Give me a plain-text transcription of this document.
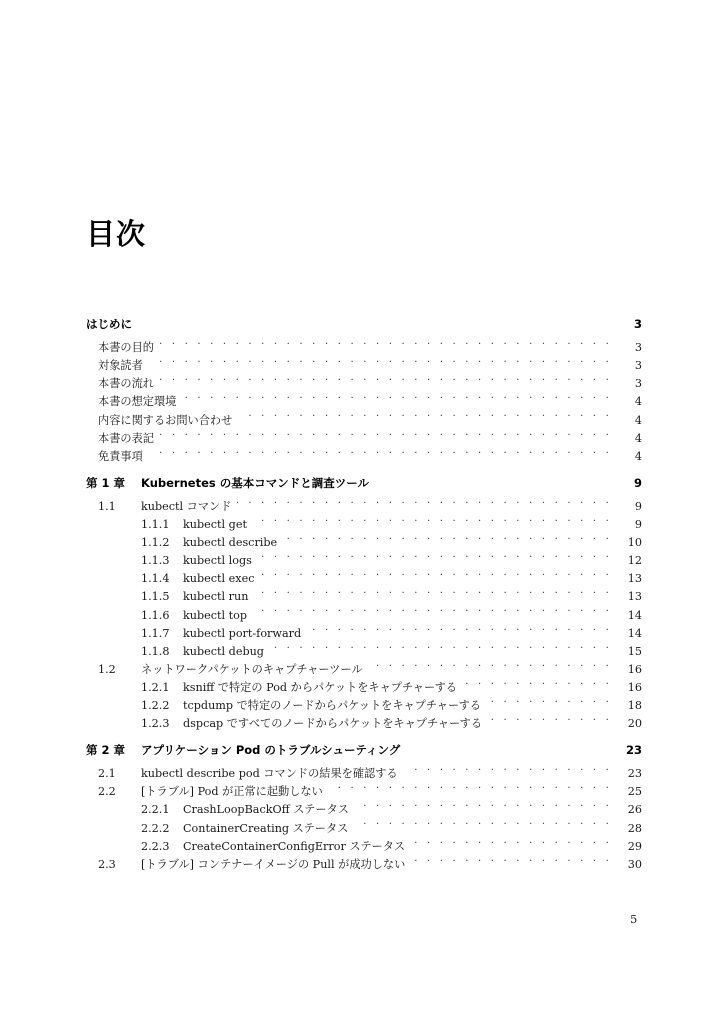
目次
はじめに	3
本書の目的 . . .	3
対象読者 . . .	3
本書の流れ . . .	3
本書の想定環境 . . .	4
内容に関するお問い合わせ . . .	4
本書の表記 . . .	4
免責事項 . . .	4
第 1 章	Kubernetes の基本コマンドと調査ツール	9
1.1	kubectl コマンド . . .	9
1.1.1	kubectl get . . .	9
1.1.2	kubectl describe . . .	10
1.1.3	kubectl logs . . .	12
1.1.4	kubectl exec . . .	13
1.1.5	kubectl run . . .	13
1.1.6	kubectl top . . .	14
1.1.7	kubectl port-forward . . .	14
1.1.8	kubectl debug . . .	15
1.2	ネットワークパケットのキャプチャーツール . . .	16
1.2.1	ksniff で特定の Pod からパケットをキャプチャーする . . .	16
1.2.2	tcpdump で特定のノードからパケットをキャプチャーする . . .	18
1.2.3	dspcap ですべてのノードからパケットをキャプチャーする . . .	20
第 2 章	アプリケーション Pod のトラブルシューティング	23
2.1	kubectl describe pod コマンドの結果を確認する . . .	23
2.2	[トラブル] Pod が正常に起動しない . . .	25
2.2.1	CrashLoopBackOff ステータス . . .	26
2.2.2	ContainerCreating ステータス . . .	28
2.2.3	CreateContainerConfigError ステータス . . .	29
2.3	[トラブル] コンテナーイメージの Pull が成功しない . . .	30
5
